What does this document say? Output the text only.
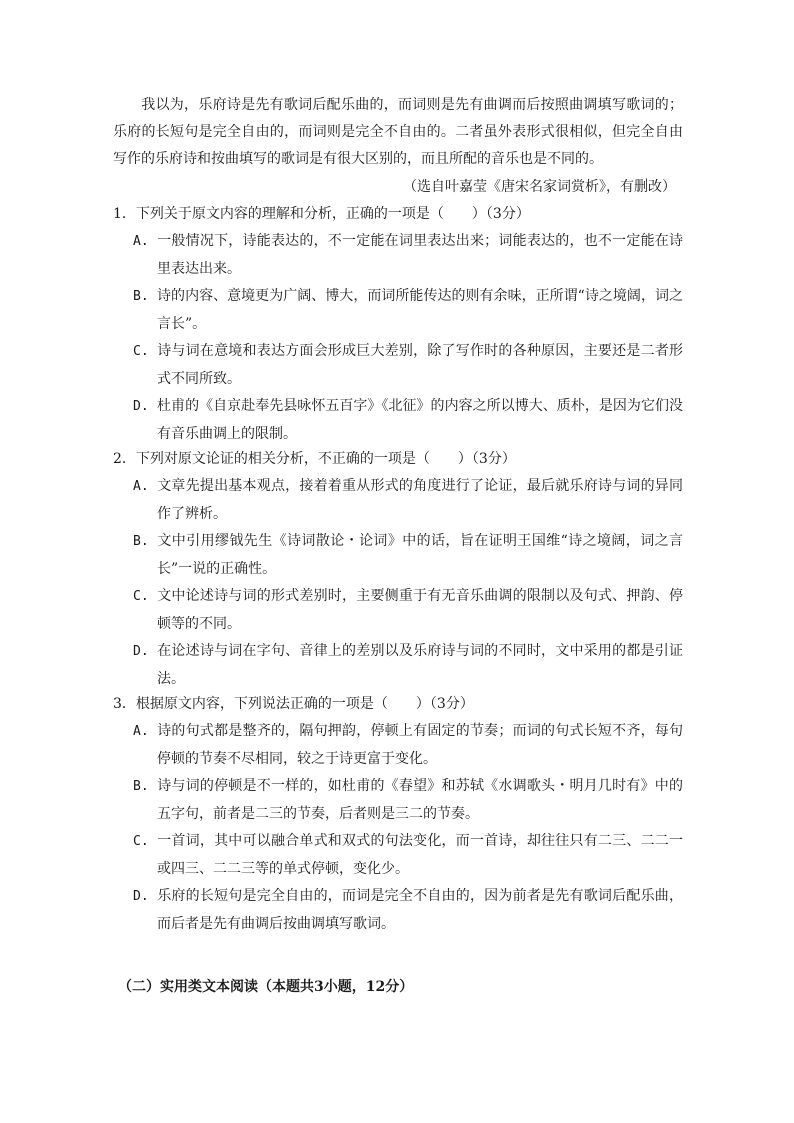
我以为，乐府诗是先有歌词后配乐曲的，而词则是先有曲调而后按照曲调填写歌词的；乐府的长短句是完全自由的，而词则是完全不自由的。二者虽外表形式很相似，但完全自由写作的乐府诗和按曲填写的歌词是有很大区别的，而且所配的音乐也是不同的。

（选自叶嘉莹《唐宋名家词赏析》，有删改）

1．下列关于原文内容的理解和分析，正确的一项是（　　）（3分）

A. 一般情况下，诗能表达的，不一定能在词里表达出来；词能表达的，也不一定能在诗里表达出来。

B. 诗的内容、意境更为广阔、博大，而词所能传达的则有余味，正所谓“诗之境阔，词之言长”。

C. 诗与词在意境和表达方面会形成巨大差别，除了写作时的各种原因，主要还是二者形式不同所致。

D. 杜甫的《自京赴奉先县咏怀五百字》《北征》的内容之所以博大、质朴，是因为它们没有音乐曲调上的限制。

2．下列对原文论证的相关分析，不正确的一项是（　　）（3分）

A. 文章先提出基本观点，接着着重从形式的角度进行了论证，最后就乐府诗与词的异同作了辨析。

B. 文中引用缪钺先生《诗词散论・论词》中的话，旨在证明王国维“诗之境阔，词之言长”一说的正确性。

C. 文中论述诗与词的形式差别时，主要侧重于有无音乐曲调的限制以及句式、押韵、停顿等的不同。

D. 在论述诗与词在字句、音律上的差别以及乐府诗与词的不同时，文中采用的都是引证法。

3．根据原文内容，下列说法正确的一项是（　　）（3分）

A. 诗的句式都是整齐的，隔句押韵，停顿上有固定的节奏；而词的句式长短不齐，每句停顿的节奏不尽相同，较之于诗更富于变化。

B. 诗与词的停顿是不一样的，如杜甫的《春望》和苏轼《水调歌头・明月几时有》中的五字句，前者是二三的节奏，后者则是三二的节奏。

C. 一首词，其中可以融合单式和双式的句法变化，而一首诗，却往往只有二三、二二一或四三、二二三等的单式停顿，变化少。

D. 乐府的长短句是完全自由的，而词是完全不自由的，因为前者是先有歌词后配乐曲，而后者是先有曲调后按曲调填写歌词。

（二）实用类文本阅读（本题共3小题，12分）
